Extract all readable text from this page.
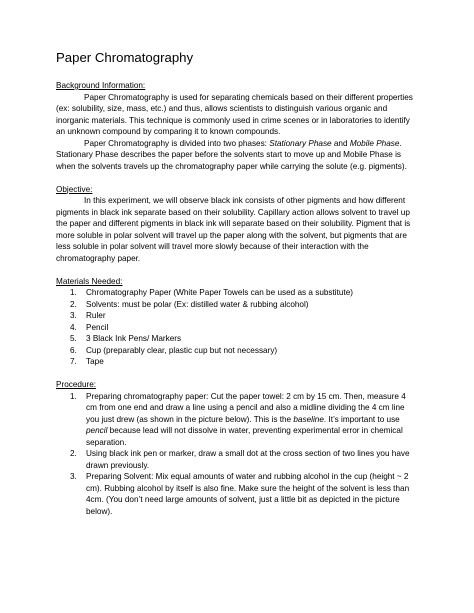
Paper Chromatography
Background Information:

Paper Chromatography is used for separating chemicals based on their different properties (ex: solubility, size, mass, etc.) and thus, allows scientists to distinguish various organic and inorganic materials. This technique is commonly used in crime scenes or in laboratories to identify an unknown compound by comparing it to known compounds.

Paper Chromatography is divided into two phases: Stationary Phase and Mobile Phase. Stationary Phase describes the paper before the solvents start to move up and Mobile Phase is when the solvents travels up the chromatography paper while carrying the solute (e.g. pigments).

Objective:

In this experiment, we will observe black ink consists of other pigments and how different pigments in black ink separate based on their solubility. Capillary action allows solvent to travel up the paper and different pigments in black ink will separate based on their solubility. Pigment that is more soluble in polar solvent will travel up the paper along with the solvent, but pigments that are less soluble in polar solvent will travel more slowly because of their interaction with the chromatography paper.

Materials Needed:
1. Chromatography Paper (White Paper Towels can be used as a substitute)
2. Solvents: must be polar (Ex: distilled water & rubbing alcohol)
3. Ruler
4. Pencil
5. 3 Black Ink Pens/ Markers
6. Cup (preparably clear, plastic cup but not necessary)
7. Tape
Procedure:
1. Preparing chromatography paper: Cut the paper towel: 2 cm by 15 cm. Then, measure 4 cm from one end and draw a line using a pencil and also a midline dividing the 4 cm line you just drew (as shown in the picture below). This is the baseline. It’s important to use pencil because lead will not dissolve in water, preventing experimental error in chemical separation.
2. Using black ink pen or marker, draw a small dot at the cross section of two lines you have drawn previously.
3. Preparing Solvent: Mix equal amounts of water and rubbing alcohol in the cup (height ~ 2 cm). Rubbing alcohol by itself is also fine. Make sure the height of the solvent is less than 4cm. (You don’t need large amounts of solvent, just a little bit as depicted in the picture below).
